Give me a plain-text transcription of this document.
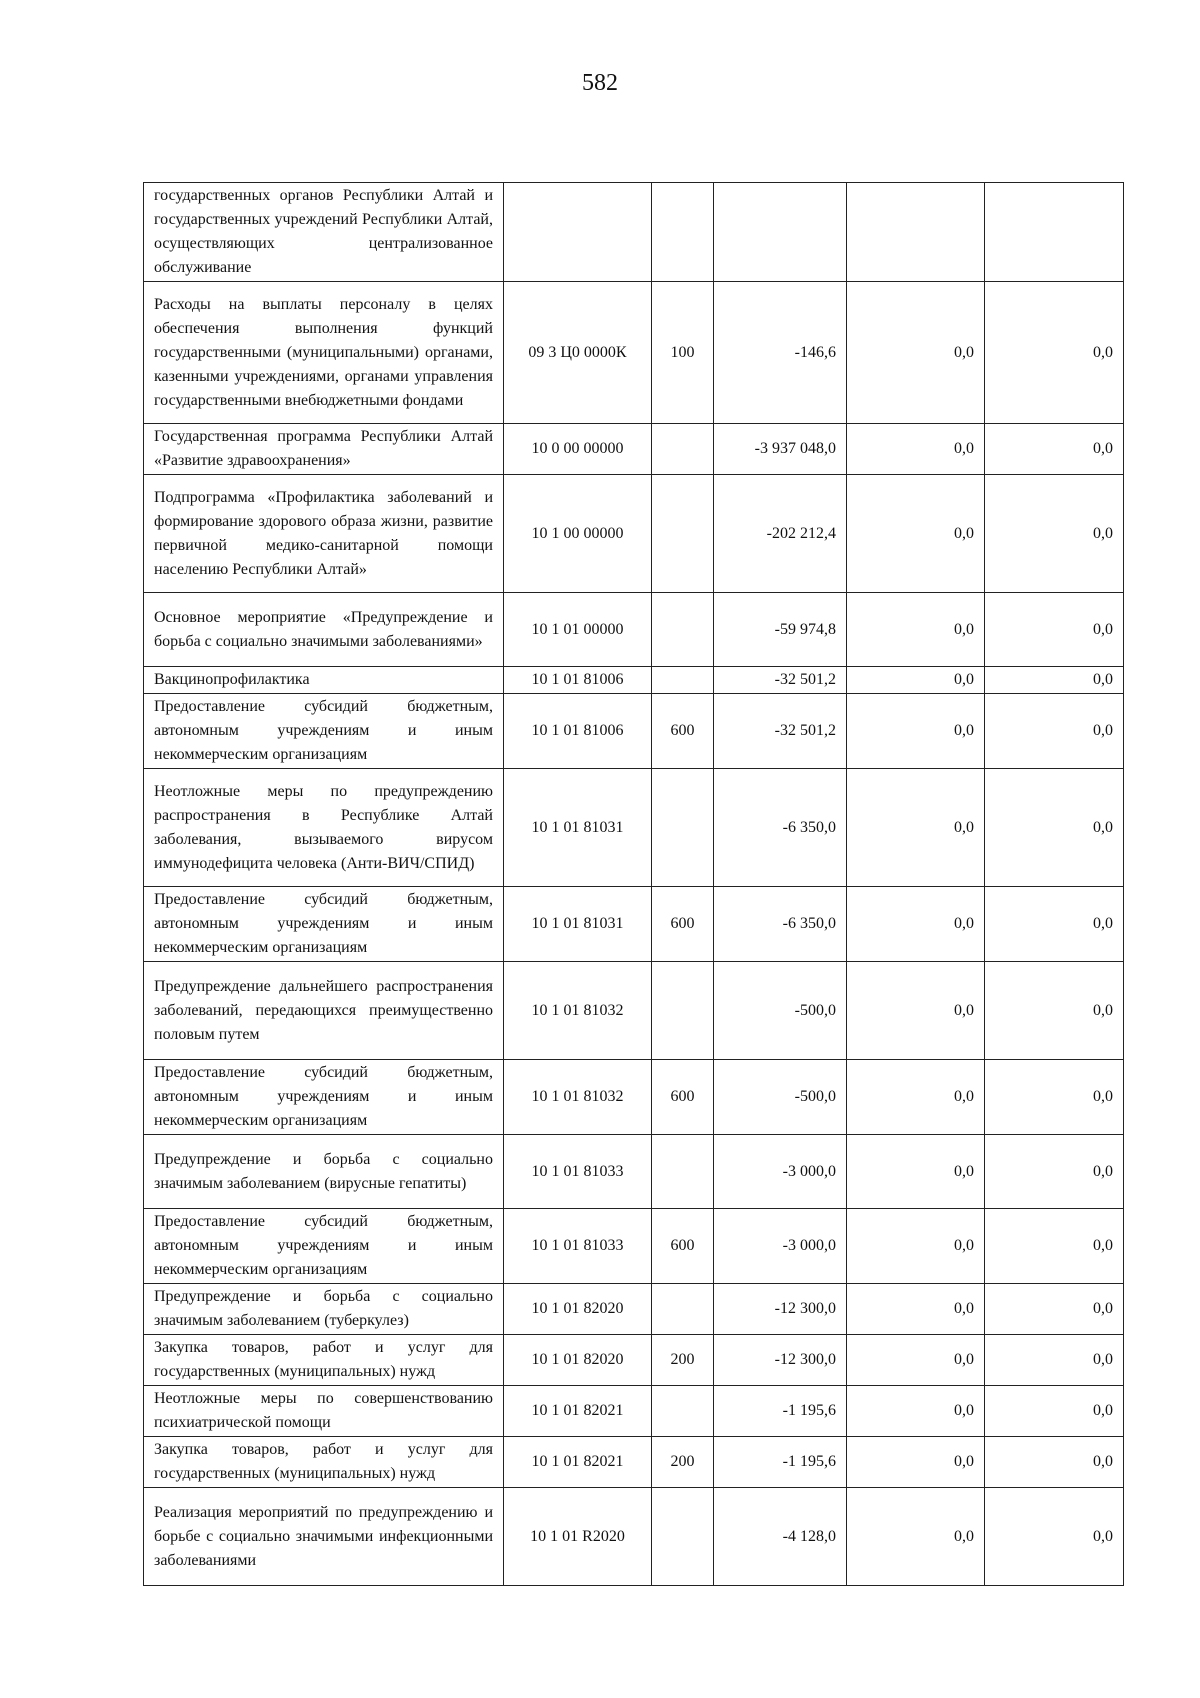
582
государственных органов Республики Алтай и государственных учреждений Республики Алтай, осуществляющих централизованное обслуживание					
Расходы на выплаты персоналу в целях обеспечения выполнения функций государственными (муниципальными) органами, казенными учреждениями, органами управления государственными внебюджетными фондами	09 3 Ц0 0000К	100	-146,6	0,0	0,0
Государственная программа Республики Алтай «Развитие здравоохранения»	10 0 00 00000		-3 937 048,0	0,0	0,0
Подпрограмма «Профилактика заболеваний и формирование здорового образа жизни, развитие первичной медико-санитарной помощи населению Республики Алтай»	10 1 00 00000		-202 212,4	0,0	0,0
Основное мероприятие «Предупреждение и борьба с социально значимыми заболеваниями»	10 1 01 00000		-59 974,8	0,0	0,0
Вакцинопрофилактика	10 1 01 81006		-32 501,2	0,0	0,0
Предоставление субсидий бюджетным, автономным учреждениям и иным некоммерческим организациям	10 1 01 81006	600	-32 501,2	0,0	0,0
Неотложные меры по предупреждению распространения в Республике Алтай заболевания, вызываемого вирусом иммунодефицита человека (Анти-ВИЧ/СПИД)	10 1 01 81031		-6 350,0	0,0	0,0
Предоставление субсидий бюджетным, автономным учреждениям и иным некоммерческим организациям	10 1 01 81031	600	-6 350,0	0,0	0,0
Предупреждение дальнейшего распространения заболеваний, передающихся преимущественно половым путем	10 1 01 81032		-500,0	0,0	0,0
Предоставление субсидий бюджетным, автономным учреждениям и иным некоммерческим организациям	10 1 01 81032	600	-500,0	0,0	0,0
Предупреждение и борьба с социально значимым заболеванием (вирусные гепатиты)	10 1 01 81033		-3 000,0	0,0	0,0
Предоставление субсидий бюджетным, автономным учреждениям и иным некоммерческим организациям	10 1 01 81033	600	-3 000,0	0,0	0,0
Предупреждение и борьба с социально значимым заболеванием (туберкулез)	10 1 01 82020		-12 300,0	0,0	0,0
Закупка товаров, работ и услуг для государственных (муниципальных) нужд	10 1 01 82020	200	-12 300,0	0,0	0,0
Неотложные меры по совершенствованию психиатрической помощи	10 1 01 82021		-1 195,6	0,0	0,0
Закупка товаров, работ и услуг для государственных (муниципальных) нужд	10 1 01 82021	200	-1 195,6	0,0	0,0
Реализация мероприятий по предупреждению и борьбе с социально значимыми инфекционными заболеваниями	10 1 01 R2020		-4 128,0	0,0	0,0
